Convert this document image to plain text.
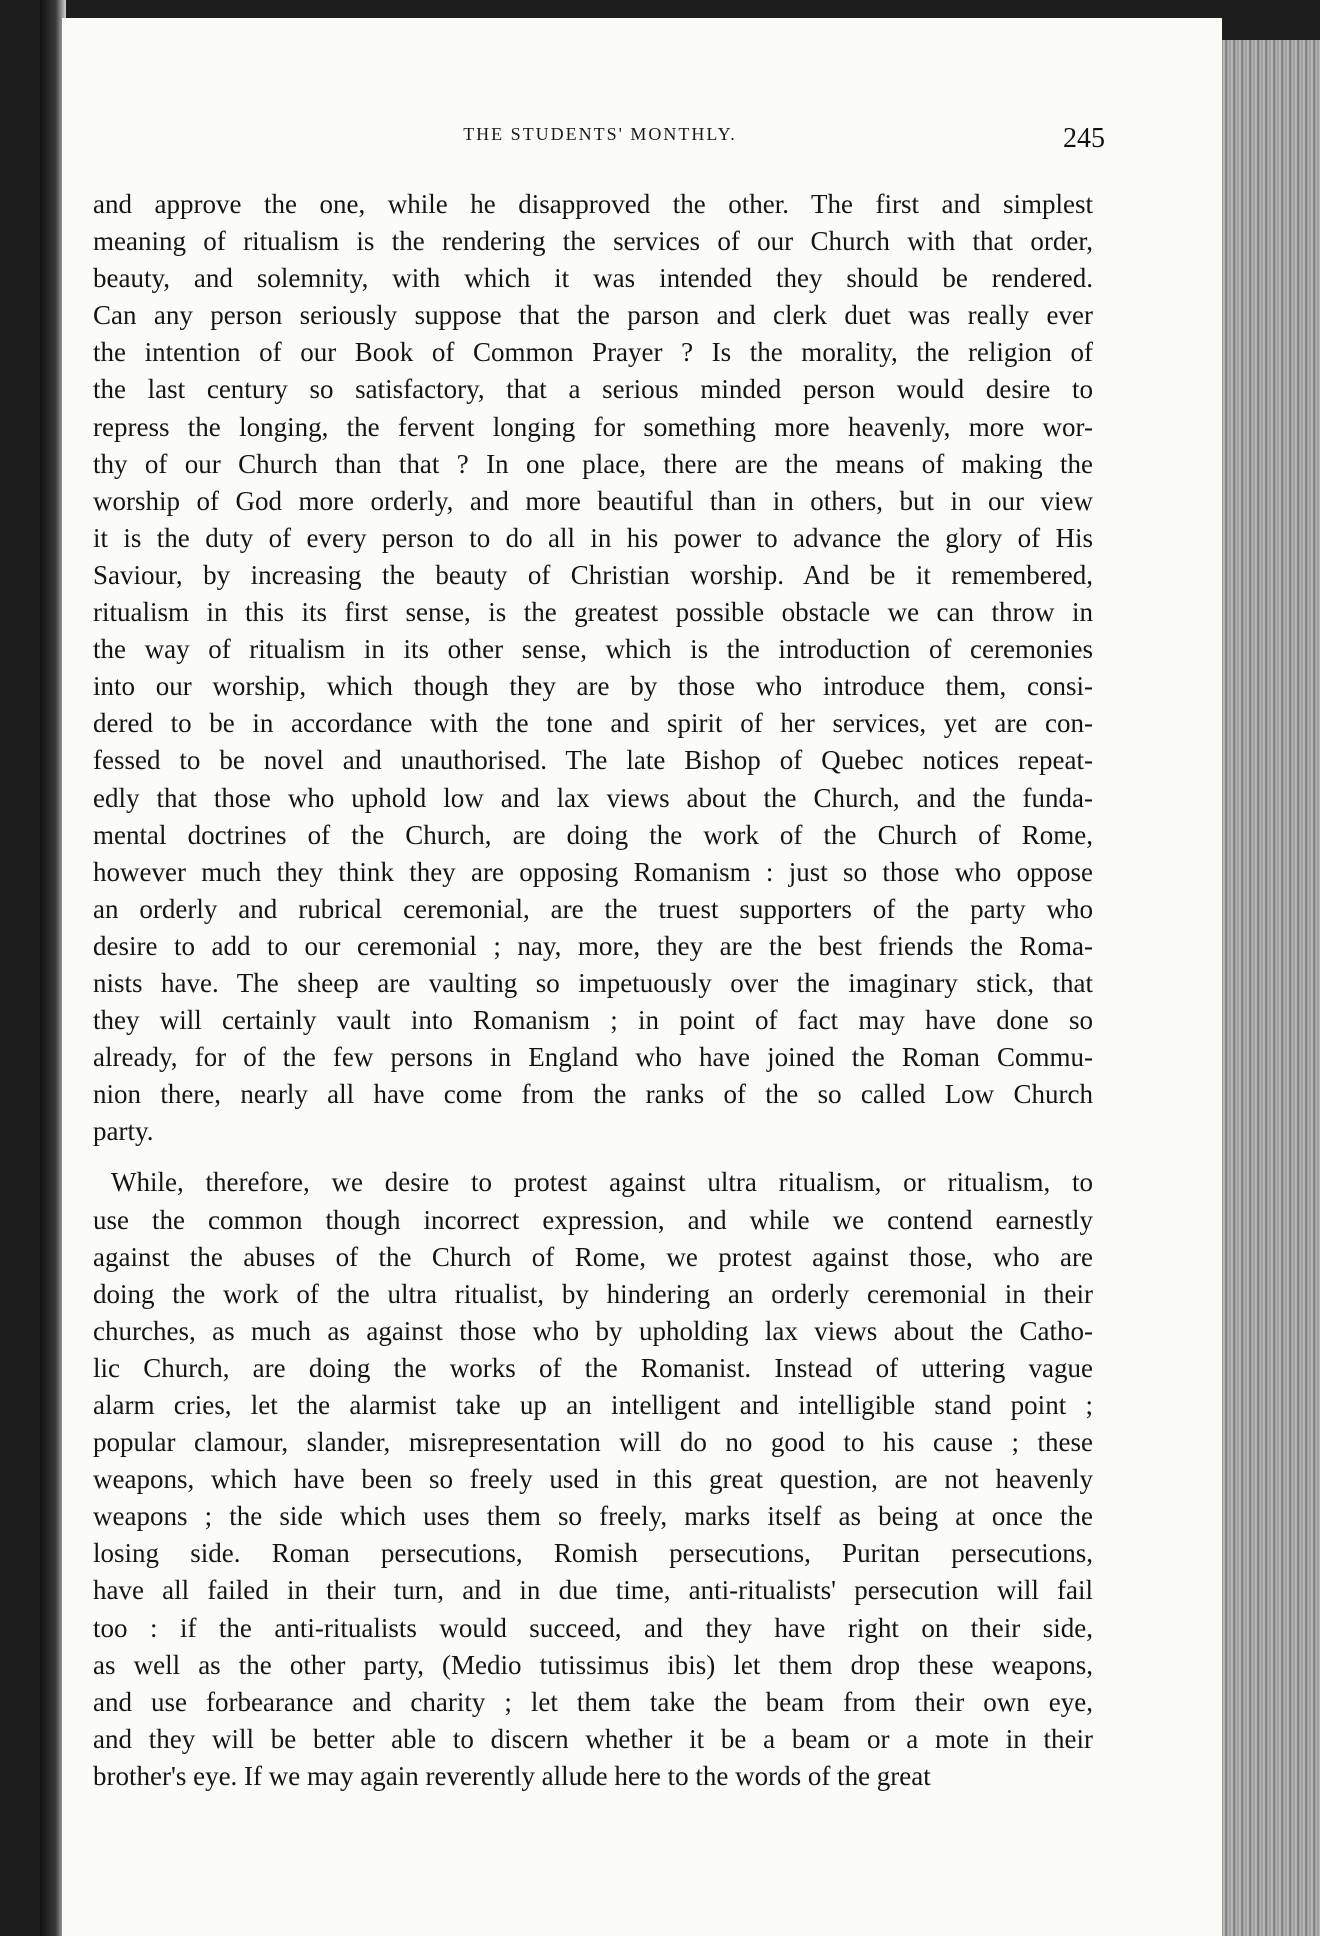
THE STUDENTS' MONTHLY.	245
and approve the one, while he disapproved the other. The first and simplest
meaning of ritualism is the rendering the services of our Church with that order,
beauty, and solemnity, with which it was intended they should be rendered.
Can any person seriously suppose that the parson and clerk duet was really ever
the intention of our Book of Common Prayer ? Is the morality, the religion of
the last century so satisfactory, that a serious minded person would desire to
repress the longing, the fervent longing for something more heavenly, more wor-
thy of our Church than that ? In one place, there are the means of making the
worship of God more orderly, and more beautiful than in others, but in our view
it is the duty of every person to do all in his power to advance the glory of His
Saviour, by increasing the beauty of Christian worship. And be it remembered,
ritualism in this its first sense, is the greatest possible obstacle we can throw in
the way of ritualism in its other sense, which is the introduction of ceremonies
into our worship, which though they are by those who introduce them, consi-
dered to be in accordance with the tone and spirit of her services, yet are con-
fessed to be novel and unauthorised. The late Bishop of Quebec notices repeat-
edly that those who uphold low and lax views about the Church, and the funda-
mental doctrines of the Church, are doing the work of the Church of Rome,
however much they think they are opposing Romanism : just so those who oppose
an orderly and rubrical ceremonial, are the truest supporters of the party who
desire to add to our ceremonial ; nay, more, they are the best friends the Roma-
nists have. The sheep are vaulting so impetuously over the imaginary stick, that
they will certainly vault into Romanism ; in point of fact may have done so
already, for of the few persons in England who have joined the Roman Commu-
nion there, nearly all have come from the ranks of the so called Low Church
party.
While, therefore, we desire to protest against ultra ritualism, or ritualism, to
use the common though incorrect expression, and while we contend earnestly
against the abuses of the Church of Rome, we protest against those, who are
doing the work of the ultra ritualist, by hindering an orderly ceremonial in their
churches, as much as against those who by upholding lax views about the Catho-
lic Church, are doing the works of the Romanist. Instead of uttering vague
alarm cries, let the alarmist take up an intelligent and intelligible stand point ;
popular clamour, slander, misrepresentation will do no good to his cause ; these
weapons, which have been so freely used in this great question, are not heavenly
weapons ; the side which uses them so freely, marks itself as being at once the
losing side. Roman persecutions, Romish persecutions, Puritan persecutions,
have all failed in their turn, and in due time, anti-ritualists' persecution will fail
too : if the anti-ritualists would succeed, and they have right on their side,
as well as the other party, (Medio tutissimus ibis) let them drop these weapons,
and use forbearance and charity ; let them take the beam from their own eye,
and they will be better able to discern whether it be a beam or a mote in their
brother's eye. If we may again reverently allude here to the words of the great
